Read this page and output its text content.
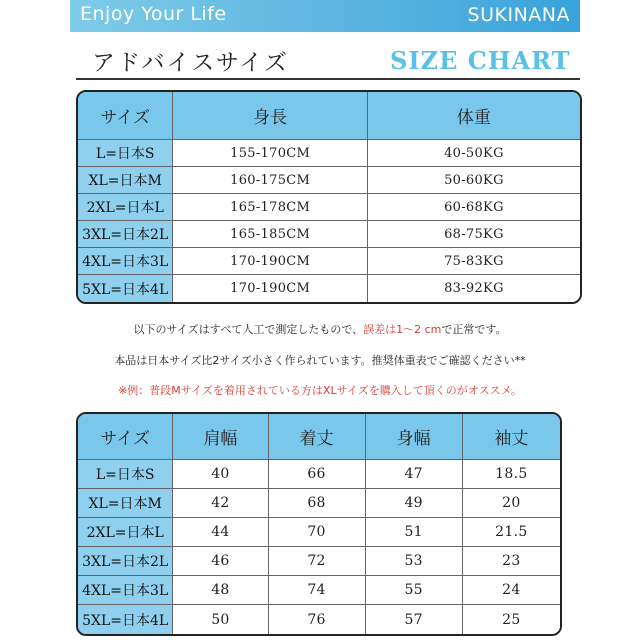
Enjoy Your Life	SUKINANA
アドバイスサイズ	SIZE CHART
サイズ	身長	体重
L=日本S	155-170CM	40-50KG
XL=日本M	160-175CM	50-60KG
2XL=日本L	165-178CM	60-68KG
3XL=日本2L	165-185CM	68-75KG
4XL=日本3L	170-190CM	75-83KG
5XL=日本4L	170-190CM	83-92KG
以下のサイズはすべて人工で測定したもので、誤差は1～2 cmで正常です。
本品は日本サイズ比2サイズ小さく作られています。推奨体重表でご確認ください**
※例：普段Mサイズを着用されている方はXLサイズを購入して頂くのがオススメ。
サイズ	肩幅	着丈	身幅	袖丈
L=日本S	40	66	47	18.5
XL=日本M	42	68	49	20
2XL=日本L	44	70	51	21.5
3XL=日本2L	46	72	53	23
4XL=日本3L	48	74	55	24
5XL=日本4L	50	76	57	25
